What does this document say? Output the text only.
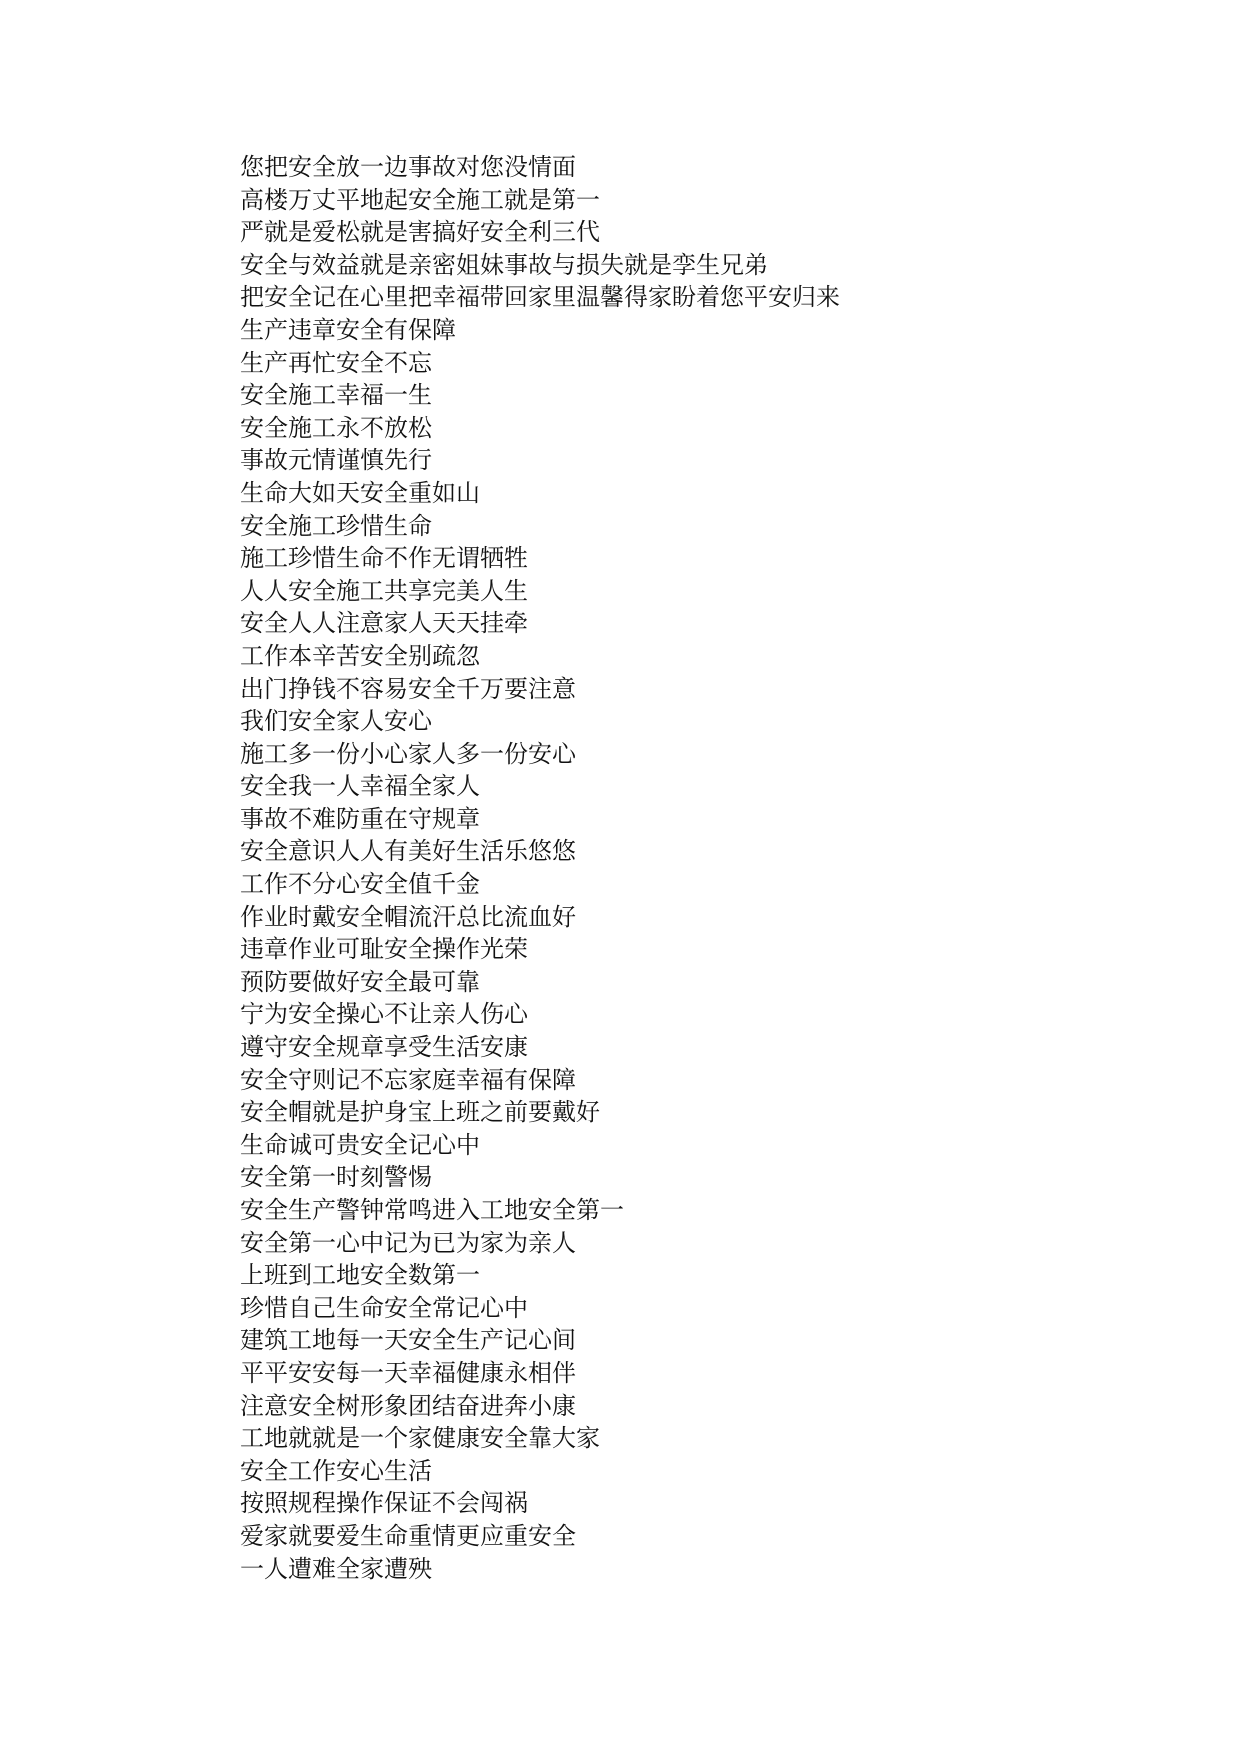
您把安全放一边事故对您没情面
高楼万丈平地起安全施工就是第一
严就是爱松就是害搞好安全利三代
安全与效益就是亲密姐妹事故与损失就是孪生兄弟
把安全记在心里把幸福带回家里温馨得家盼着您平安归来
生产违章安全有保障
生产再忙安全不忘
安全施工幸福一生
安全施工永不放松
事故元情谨慎先行
生命大如天安全重如山
安全施工珍惜生命
施工珍惜生命不作无谓牺牲
人人安全施工共享完美人生
安全人人注意家人天天挂牵
工作本辛苦安全别疏忽
出门挣钱不容易安全千万要注意
我们安全家人安心
施工多一份小心家人多一份安心
安全我一人幸福全家人
事故不难防重在守规章
安全意识人人有美好生活乐悠悠
工作不分心安全值千金
作业时戴安全帽流汗总比流血好
违章作业可耻安全操作光荣
预防要做好安全最可靠
宁为安全操心不让亲人伤心
遵守安全规章享受生活安康
安全守则记不忘家庭幸福有保障
安全帽就是护身宝上班之前要戴好
生命诚可贵安全记心中
安全第一时刻警惕
安全生产警钟常鸣进入工地安全第一
安全第一心中记为已为家为亲人
上班到工地安全数第一
珍惜自己生命安全常记心中
建筑工地每一天安全生产记心间
平平安安每一天幸福健康永相伴
注意安全树形象团结奋进奔小康
工地就就是一个家健康安全靠大家
安全工作安心生活
按照规程操作保证不会闯祸
爱家就要爱生命重情更应重安全
一人遭难全家遭殃
